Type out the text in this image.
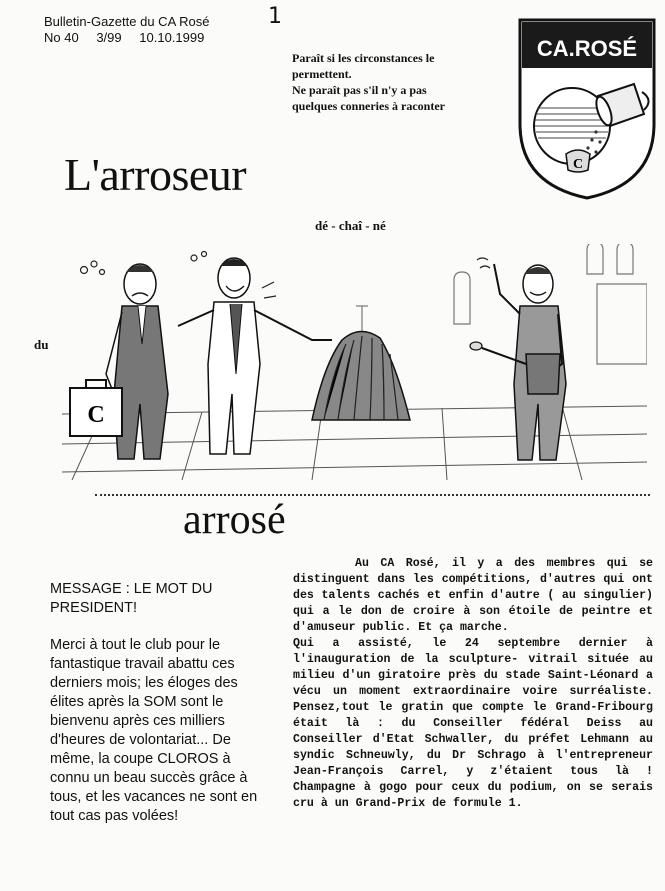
Bulletin-Gazette du CA Rosé
No 40 3/99 10.10.1999
1
Paraît si les circonstances le
permettent.
Ne paraît pas s'il n'y a pas
quelques conneries à raconter
CA.ROSÉ
C
L'arroseur
dé - chaî - né
du
C
arrosé

MESSAGE : LE MOT DU PRESIDENT!

Merci à tout le club pour le fantastique travail abattu ces derniers mois; les éloges des élites après la SOM sont le bienvenu après ces milliers d'heures de volontariat... De même, la coupe CLOROS à connu un beau succès grâce à tous, et les vacances ne sont en tout cas pas volées!

Au CA Rosé, il y a des membres qui se distinguent dans les compétitions, d'autres qui ont des talents cachés et enfin d'autre ( au singulier) qui a le don de croire à son étoile de peintre et d'amuseur public. Et ça marche.

Qui a assisté, le 24 septembre dernier à l'inauguration de la sculpture- vitrail située au milieu d'un giratoire près du stade Saint-Léonard a vécu un moment extraordinaire voire surréaliste. Pensez,tout le gratin que compte le Grand-Fribourg était là : du Conseiller fédéral Deiss au Conseiller d'Etat Schwaller, du préfet Lehmann au syndic Schneuwly, du Dr Schrago à l'entrepreneur Jean-François Carrel, y z'étaient tous là ! Champagne à gogo pour ceux du podium, on se serais cru à un Grand-Prix de formule 1.
